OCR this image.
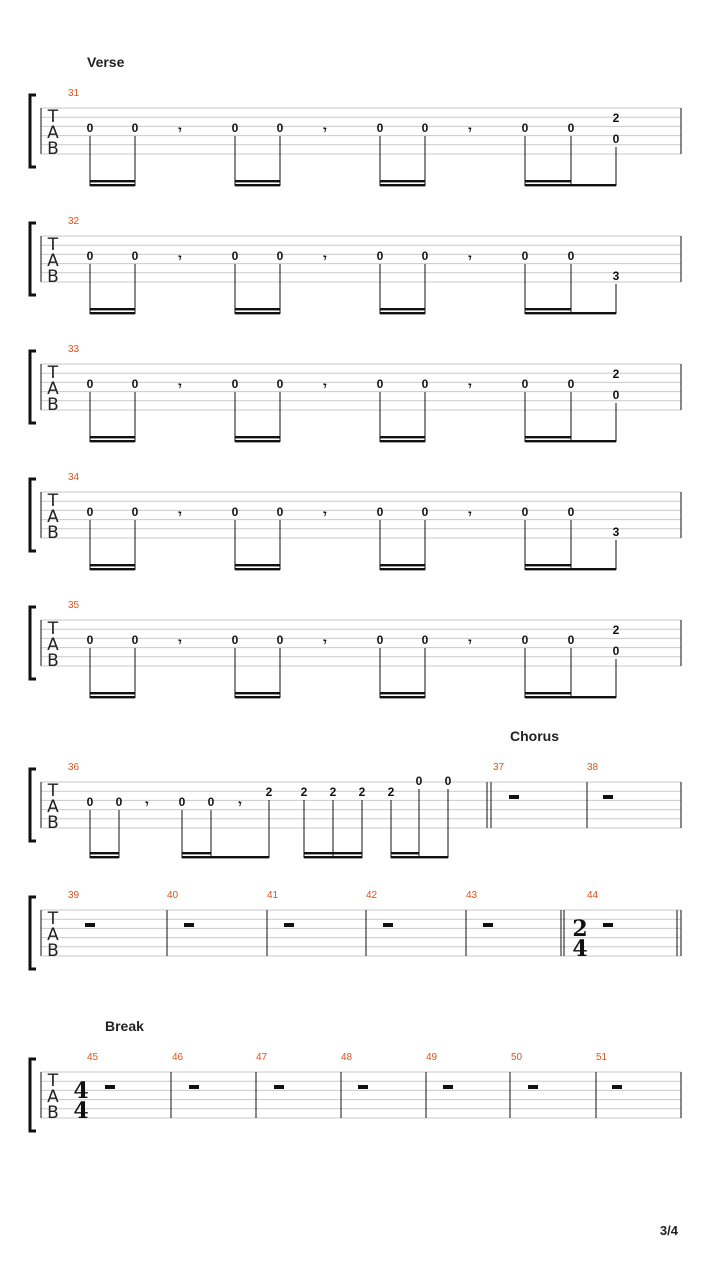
Verse
T
A
B
31
0	0	𝄾	0	0	𝄾	0	0	𝄾	0	0
2
0
T
A
B
32
0	0	𝄾	0	0	𝄾	0	0	𝄾	0	0
3
T
A
B
33
0	0	𝄾	0	0	𝄾	0	0	𝄾	0	0
2
0
T
A
B
34
0	0	𝄾	0	0	𝄾	0	0	𝄾	0	0
3
T
A
B
35
0	0	𝄾	0	0	𝄾	0	0	𝄾	0	0
2
0
Chorus
T
A
B
36	37	38
0 0	0 0
𝄾	𝄾
2 2 2 2 2
0 0
T
A
B
39	40	41	42	43	44
2
4
Break
T
A
B
45	46	47	48	49	50	51
4
4
3/4
